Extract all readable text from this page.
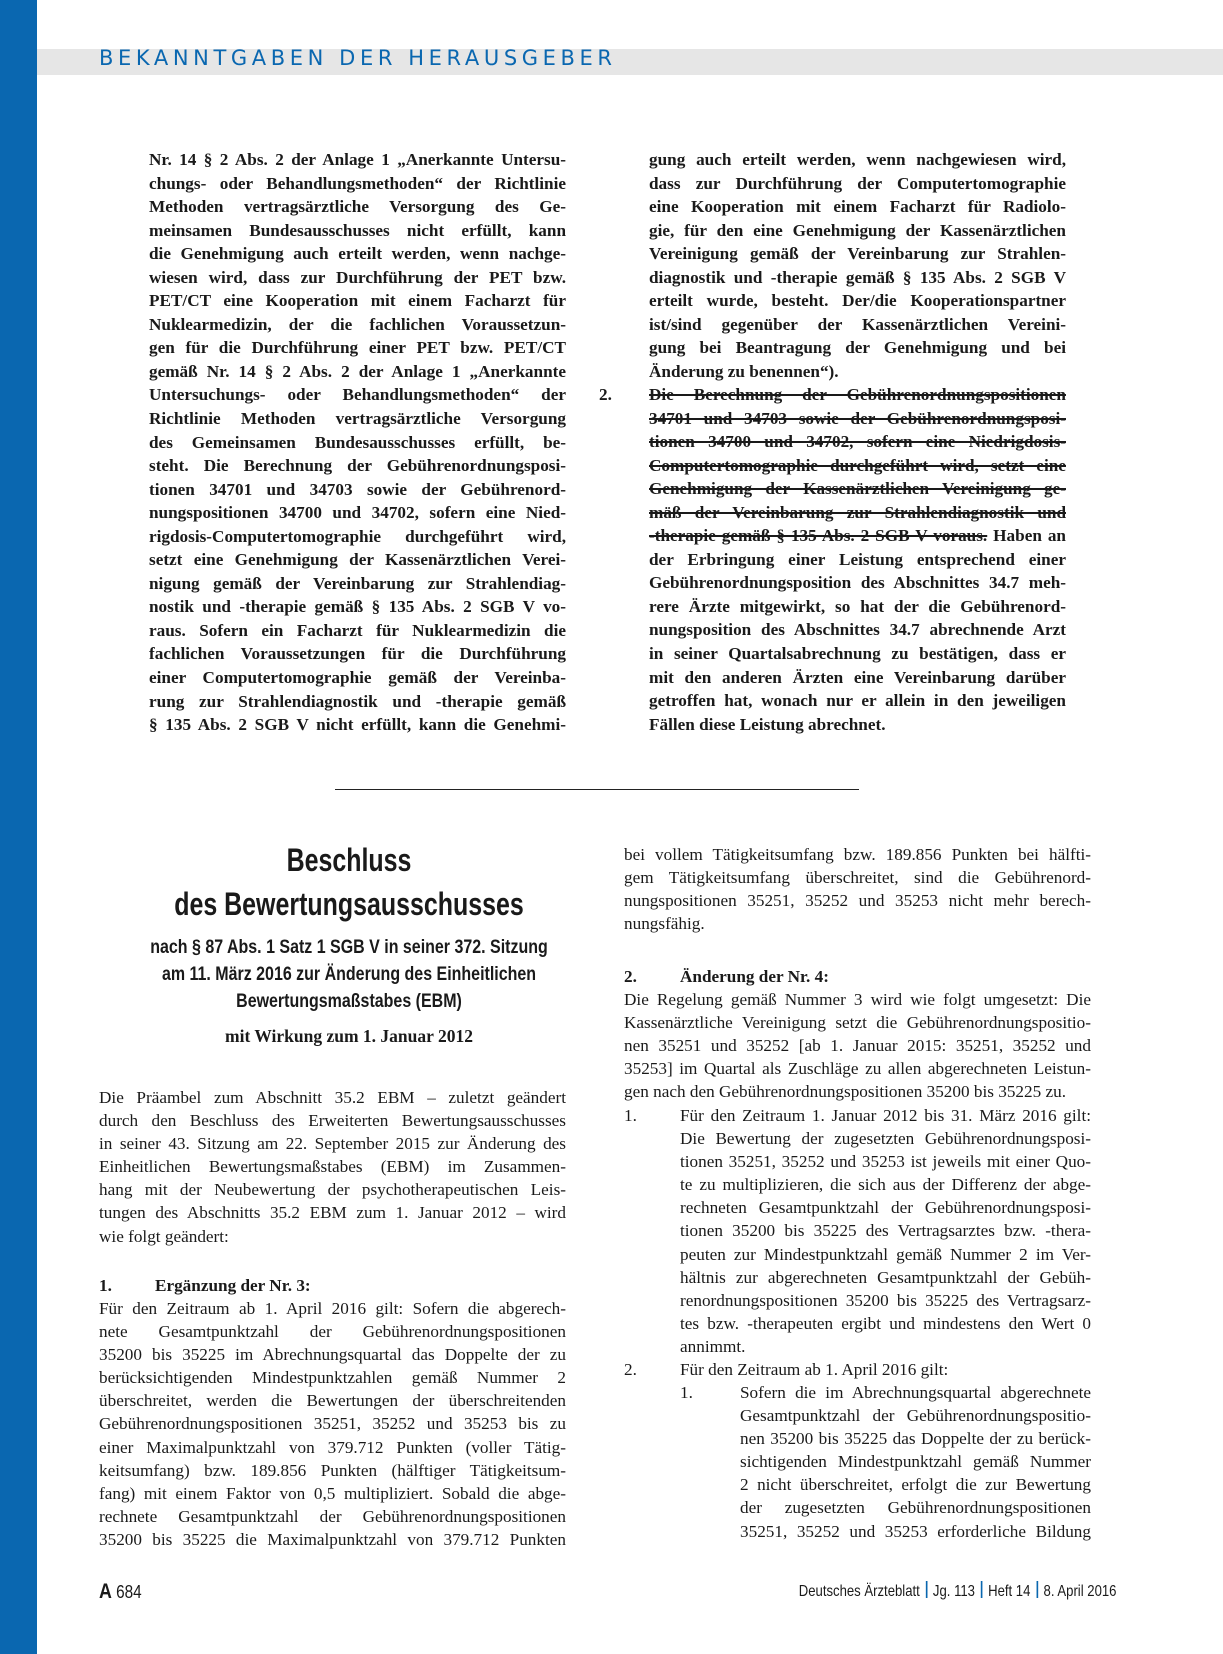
BEKANNTGABEN DER HERAUSGEBER
Nr. 14 § 2 Abs. 2 der Anlage 1 „Anerkannte Untersu-
chungs- oder Behandlungsmethoden“ der Richtlinie
Methoden vertragsärztliche Versorgung des Ge-
meinsamen Bundesausschusses nicht erfüllt, kann
die Genehmigung auch erteilt werden, wenn nachge-
wiesen wird, dass zur Durchführung der PET bzw.
PET/CT eine Kooperation mit einem Facharzt für
Nuklearmedizin, der die fachlichen Voraussetzun-
gen für die Durchführung einer PET bzw. PET/CT
gemäß Nr. 14 § 2 Abs. 2 der Anlage 1 „Anerkannte
Untersuchungs- oder Behandlungsmethoden“ der
Richtlinie Methoden vertragsärztliche Versorgung
des Gemeinsamen Bundesausschusses erfüllt, be-
steht. Die Berechnung der Gebührenordnungsposi-
tionen 34701 und 34703 sowie der Gebührenord-
nungspositionen 34700 und 34702, sofern eine Nied-
rigdosis-Computertomographie durchgeführt wird,
setzt eine Genehmigung der Kassenärztlichen Verei-
nigung gemäß der Vereinbarung zur Strahlendiag-
nostik und -therapie gemäß § 135 Abs. 2 SGB V vo-
raus. Sofern ein Facharzt für Nuklearmedizin die
fachlichen Voraussetzungen für die Durchführung
einer Computertomographie gemäß der Vereinba-
rung zur Strahlendiagnostik und -therapie gemäß
§ 135 Abs. 2 SGB V nicht erfüllt, kann die Genehmi-
gung auch erteilt werden, wenn nachgewiesen wird,
dass zur Durchführung der Computertomographie
eine Kooperation mit einem Facharzt für Radiolo-
gie, für den eine Genehmigung der Kassenärztlichen
Vereinigung gemäß der Vereinbarung zur Strahlen-
diagnostik und -therapie gemäß § 135 Abs. 2 SGB V
erteilt wurde, besteht. Der/die Kooperationspartner
ist/sind gegenüber der Kassenärztlichen Vereini-
gung bei Beantragung der Genehmigung und bei
Änderung zu benennen“).
2. Die Berechnung der Gebührenordnungspositionen
34701 und 34703 sowie der Gebührenordnungsposi-
tionen 34700 und 34702, sofern eine Niedrigdosis-
Computertomographie durchgeführt wird, setzt eine
Genehmigung der Kassenärztlichen Vereinigung ge-
mäß der Vereinbarung zur Strahlendiagnostik und
-therapie gemäß § 135 Abs. 2 SGB V voraus. Haben an
der Erbringung einer Leistung entsprechend einer
Gebührenordnungsposition des Abschnittes 34.7 meh-
rere Ärzte mitgewirkt, so hat der die Gebührenord-
nungsposition des Abschnittes 34.7 abrechnende Arzt
in seiner Quartalsabrechnung zu bestätigen, dass er
mit den anderen Ärzten eine Vereinbarung darüber
getroffen hat, wonach nur er allein in den jeweiligen
Fällen diese Leistung abrechnet.
Beschluss
des Bewertungsausschusses
nach § 87 Abs. 1 Satz 1 SGB V in seiner 372. Sitzung
am 11. März 2016 zur Änderung des Einheitlichen
Bewertungsmaßstabes (EBM)
mit Wirkung zum 1. Januar 2012
Die Präambel zum Abschnitt 35.2 EBM – zuletzt geändert
durch den Beschluss des Erweiterten Bewertungsausschusses
in seiner 43. Sitzung am 22. September 2015 zur Änderung des
Einheitlichen Bewertungsmaßstabes (EBM) im Zusammen-
hang mit der Neubewertung der psychotherapeutischen Leis-
tungen des Abschnitts 35.2 EBM zum 1. Januar 2012 – wird
wie folgt geändert:
1.	Ergänzung der Nr. 3:
Für den Zeitraum ab 1. April 2016 gilt: Sofern die abgerech-
nete Gesamtpunktzahl der Gebührenordnungspositionen
35200 bis 35225 im Abrechnungsquartal das Doppelte der zu
berücksichtigenden Mindestpunktzahlen gemäß Nummer 2
überschreitet, werden die Bewertungen der überschreitenden
Gebührenordnungspositionen 35251, 35252 und 35253 bis zu
einer Maximalpunktzahl von 379.712 Punkten (voller Tätig-
keitsumfang) bzw. 189.856 Punkten (hälftiger Tätigkeitsum-
fang) mit einem Faktor von 0,5 multipliziert. Sobald die abge-
rechnete Gesamtpunktzahl der Gebührenordnungspositionen
35200 bis 35225 die Maximalpunktzahl von 379.712 Punkten
bei vollem Tätigkeitsumfang bzw. 189.856 Punkten bei hälfti-
gem Tätigkeitsumfang überschreitet, sind die Gebührenord-
nungspositionen 35251, 35252 und 35253 nicht mehr berech-
nungsfähig.
2.	Änderung der Nr. 4:
Die Regelung gemäß Nummer 3 wird wie folgt umgesetzt: Die
Kassenärztliche Vereinigung setzt die Gebührenordnungspositio-
nen 35251 und 35252 [ab 1. Januar 2015: 35251, 35252 und
35253] im Quartal als Zuschläge zu allen abgerechneten Leistun-
gen nach den Gebührenordnungspositionen 35200 bis 35225 zu.
1.	Für den Zeitraum 1. Januar 2012 bis 31. März 2016 gilt:
Die Bewertung der zugesetzten Gebührenordnungsposi-
tionen 35251, 35252 und 35253 ist jeweils mit einer Quo-
te zu multiplizieren, die sich aus der Differenz der abge-
rechneten Gesamtpunktzahl der Gebührenordnungsposi-
tionen 35200 bis 35225 des Vertragsarztes bzw. -thera-
peuten zur Mindestpunktzahl gemäß Nummer 2 im Ver-
hältnis zur abgerechneten Gesamtpunktzahl der Gebüh-
renordnungspositionen 35200 bis 35225 des Vertragsarz-
tes bzw. -therapeuten ergibt und mindestens den Wert 0
annimmt.
2.	Für den Zeitraum ab 1. April 2016 gilt:
1.	Sofern die im Abrechnungsquartal abgerechnete
Gesamtpunktzahl der Gebührenordnungspositio-
nen 35200 bis 35225 das Doppelte der zu berück-
sichtigenden Mindestpunktzahl gemäß Nummer
2 nicht überschreitet, erfolgt die zur Bewertung
der zugesetzten Gebührenordnungspositionen
35251, 35252 und 35253 erforderliche Bildung
A 684	Deutsches Ärzteblatt Jg. 113 Heft 14 8. April 2016
